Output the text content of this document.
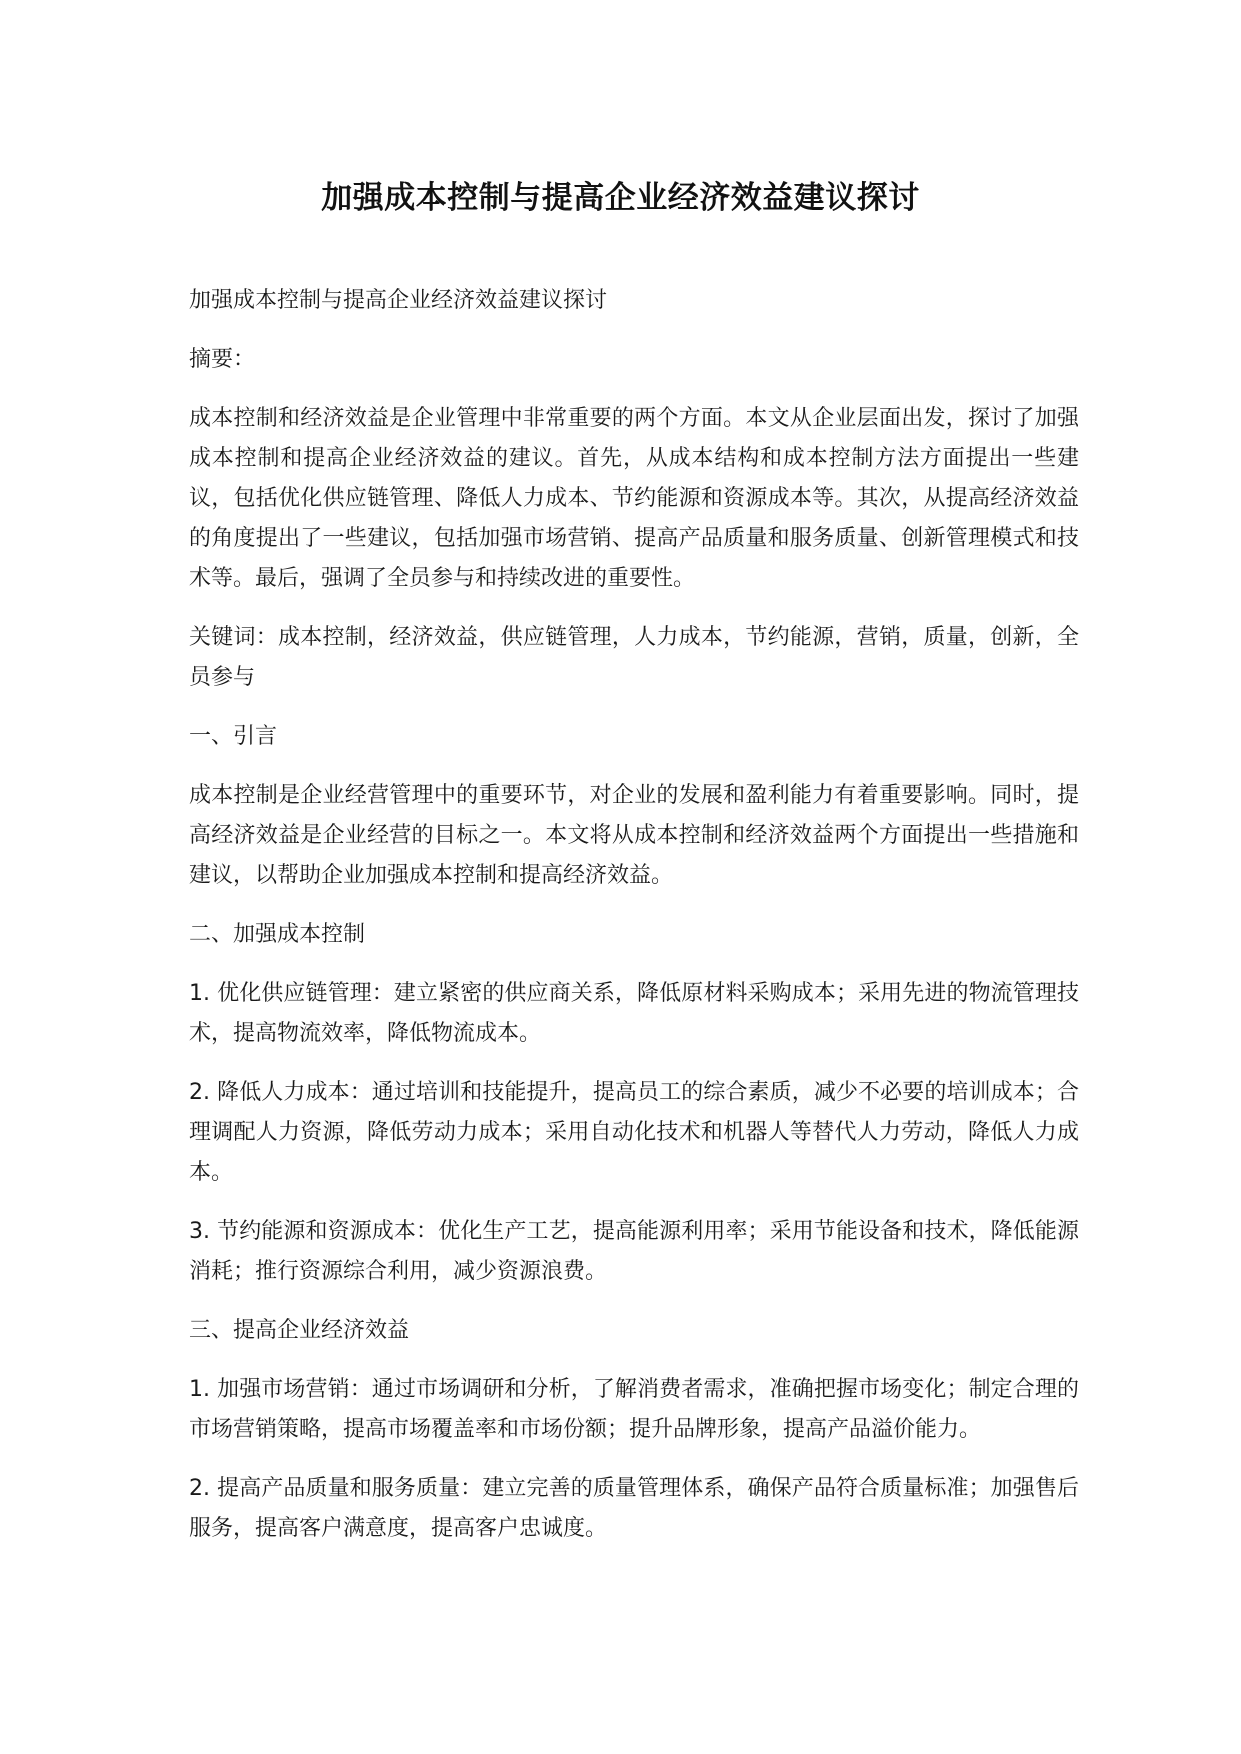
加强成本控制与提高企业经济效益建议探讨

加强成本控制与提高企业经济效益建议探讨

摘要：

成本控制和经济效益是企业管理中非常重要的两个方面。本文从企业层面出发，探讨了加强成本控制和提高企业经济效益的建议。首先，从成本结构和成本控制方法方面提出一些建议，包括优化供应链管理、降低人力成本、节约能源和资源成本等。其次，从提高经济效益的角度提出了一些建议，包括加强市场营销、提高产品质量和服务质量、创新管理模式和技术等。最后，强调了全员参与和持续改进的重要性。

关键词：成本控制，经济效益，供应链管理，人力成本，节约能源，营销，质量，创新，全员参与

一、引言

成本控制是企业经营管理中的重要环节，对企业的发展和盈利能力有着重要影响。同时，提高经济效益是企业经营的目标之一。本文将从成本控制和经济效益两个方面提出一些措施和建议，以帮助企业加强成本控制和提高经济效益。

二、加强成本控制

1. 优化供应链管理：建立紧密的供应商关系，降低原材料采购成本；采用先进的物流管理技术，提高物流效率，降低物流成本。

2. 降低人力成本：通过培训和技能提升，提高员工的综合素质，减少不必要的培训成本；合理调配人力资源，降低劳动力成本；采用自动化技术和机器人等替代人力劳动，降低人力成本。

3. 节约能源和资源成本：优化生产工艺，提高能源利用率；采用节能设备和技术，降低能源消耗；推行资源综合利用，减少资源浪费。

三、提高企业经济效益

1. 加强市场营销：通过市场调研和分析，了解消费者需求，准确把握市场变化；制定合理的市场营销策略，提高市场覆盖率和市场份额；提升品牌形象，提高产品溢价能力。

2. 提高产品质量和服务质量：建立完善的质量管理体系，确保产品符合质量标准；加强售后服务，提高客户满意度，提高客户忠诚度。
